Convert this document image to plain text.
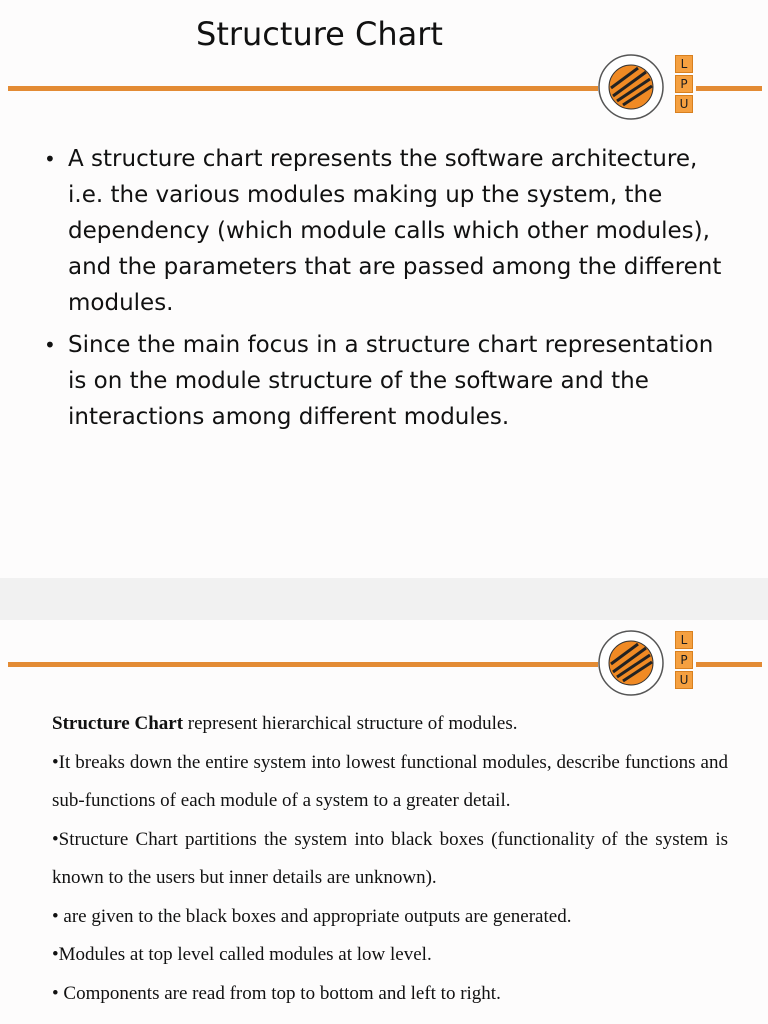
Structure Chart
L
P
U
• A structure chart represents the software architecture, i.e. the various modules making up the system, the dependency (which module calls which other modules), and the parameters that are passed among the different modules.
• Since the main focus in a structure chart representation is on the module structure of the software and the interactions among different modules.
L
P
U

Structure Chart represent hierarchical structure of modules.

•It breaks down the entire system into lowest functional modules, describe functions and sub-functions of each module of a system to a greater detail.

•Structure Chart partitions the system into black boxes (functionality of the system is known to the users but inner details are unknown).

• are given to the black boxes and appropriate outputs are generated.

•Modules at top level called modules at low level.

• Components are read from top to bottom and left to right.
